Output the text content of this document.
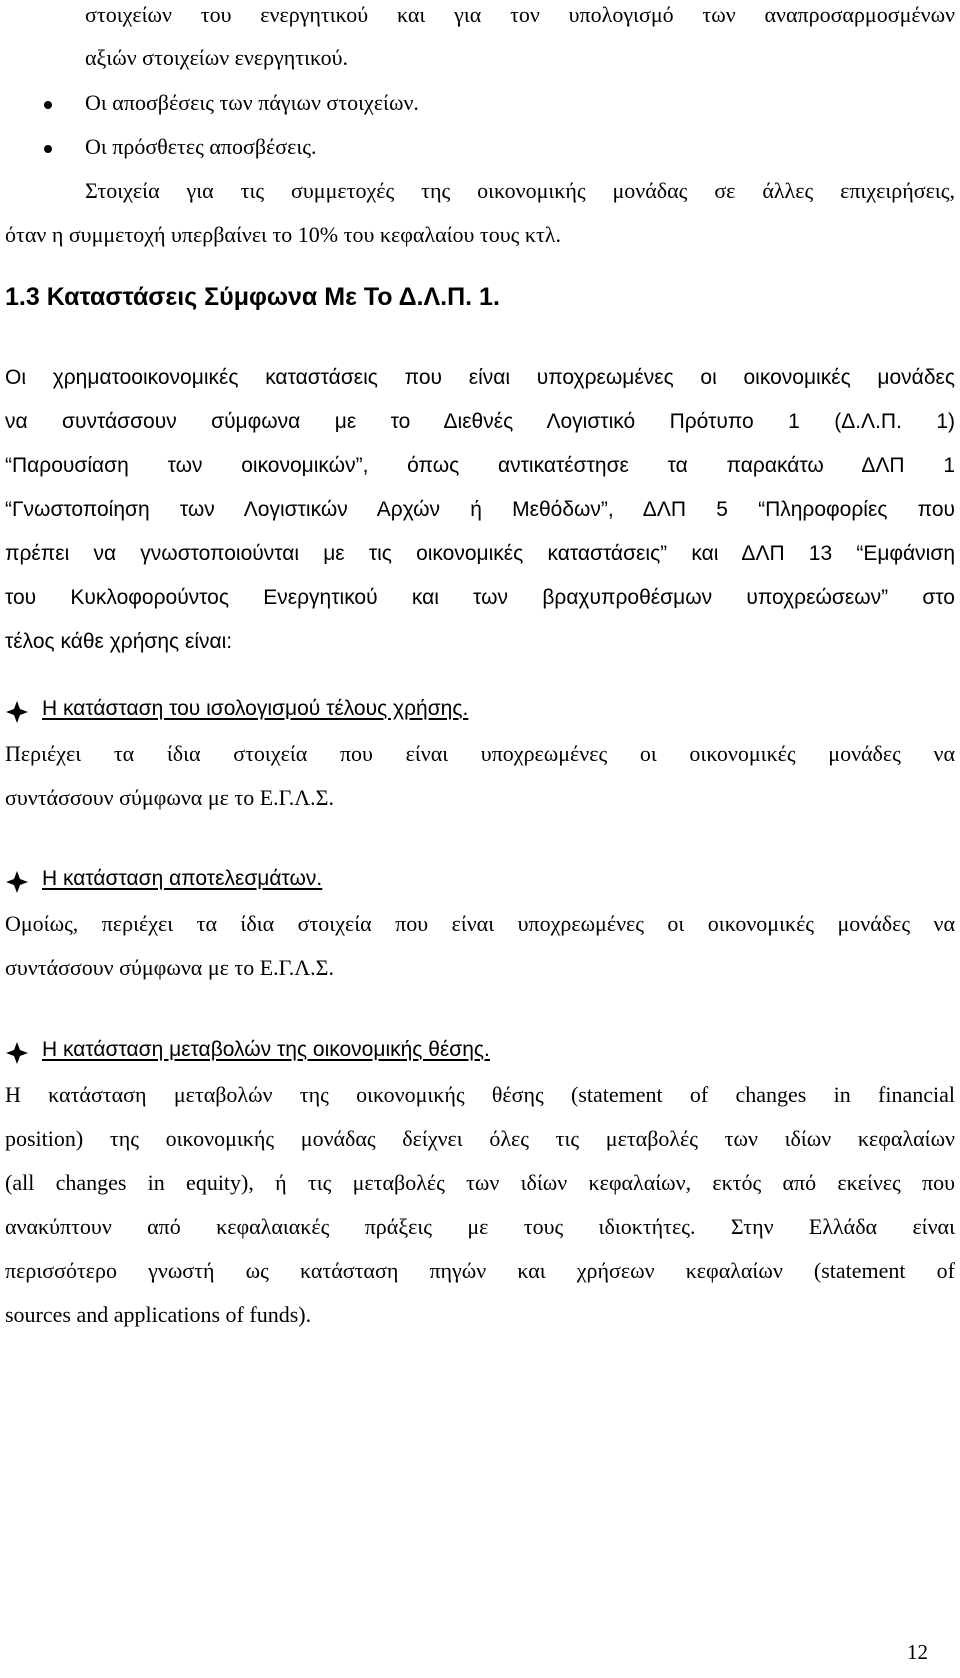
στοιχείων του ενεργητικού και για τον υπολογισμό των αναπροσαρμοσμένων
αξιών στοιχείων ενεργητικού.
Οι αποσβέσεις των πάγιων στοιχείων.
Οι πρόσθετες αποσβέσεις.
Στοιχεία για τις συμμετοχές της οικονομικής μονάδας σε άλλες επιχειρήσεις,
όταν η συμμετοχή υπερβαίνει το 10% του κεφαλαίου τους κτλ.
1.3 Καταστάσεις Σύμφωνα Με Το Δ.Λ.Π. 1.
Οι χρηματοοικονομικές καταστάσεις που είναι υποχρεωμένες οι οικονομικές μονάδες
να συντάσσουν σύμφωνα με το Διεθνές Λογιστικό Πρότυπο 1 (Δ.Λ.Π. 1)
“Παρουσίαση των οικονομικών”, όπως αντικατέστησε τα παρακάτω ΔΛΠ 1
“Γνωστοποίηση των Λογιστικών Αρχών ή Μεθόδων”, ΔΛΠ 5 “Πληροφορίες που
πρέπει να γνωστοποιούνται με τις οικονομικές καταστάσεις” και ΔΛΠ 13 “Εμφάνιση
του Κυκλοφορούντος Ενεργητικού και των βραχυπροθέσμων υποχρεώσεων” στο
τέλος κάθε χρήσης είναι:
Η κατάσταση του ισολογισμού τέλους χρήσης.
Περιέχει τα ίδια στοιχεία που είναι υποχρεωμένες οι οικονομικές μονάδες να
συντάσσουν σύμφωνα με το Ε.Γ.Λ.Σ.
Η κατάσταση αποτελεσμάτων.
Ομοίως, περιέχει τα ίδια στοιχεία που είναι υποχρεωμένες οι οικονομικές μονάδες να
συντάσσουν σύμφωνα με το Ε.Γ.Λ.Σ.
Η κατάσταση μεταβολών της οικονομικής θέσης.
Η κατάσταση μεταβολών της οικονομικής θέσης (statement of changes in financial
position) της οικονομικής μονάδας δείχνει όλες τις μεταβολές των ιδίων κεφαλαίων
(all changes in equity), ή τις μεταβολές των ιδίων κεφαλαίων, εκτός από εκείνες που
ανακύπτουν από κεφαλαιακές πράξεις με τους ιδιοκτήτες. Στην Ελλάδα είναι
περισσότερο γνωστή ως κατάσταση πηγών και χρήσεων κεφαλαίων (statement of
sources and applications of funds).
12
